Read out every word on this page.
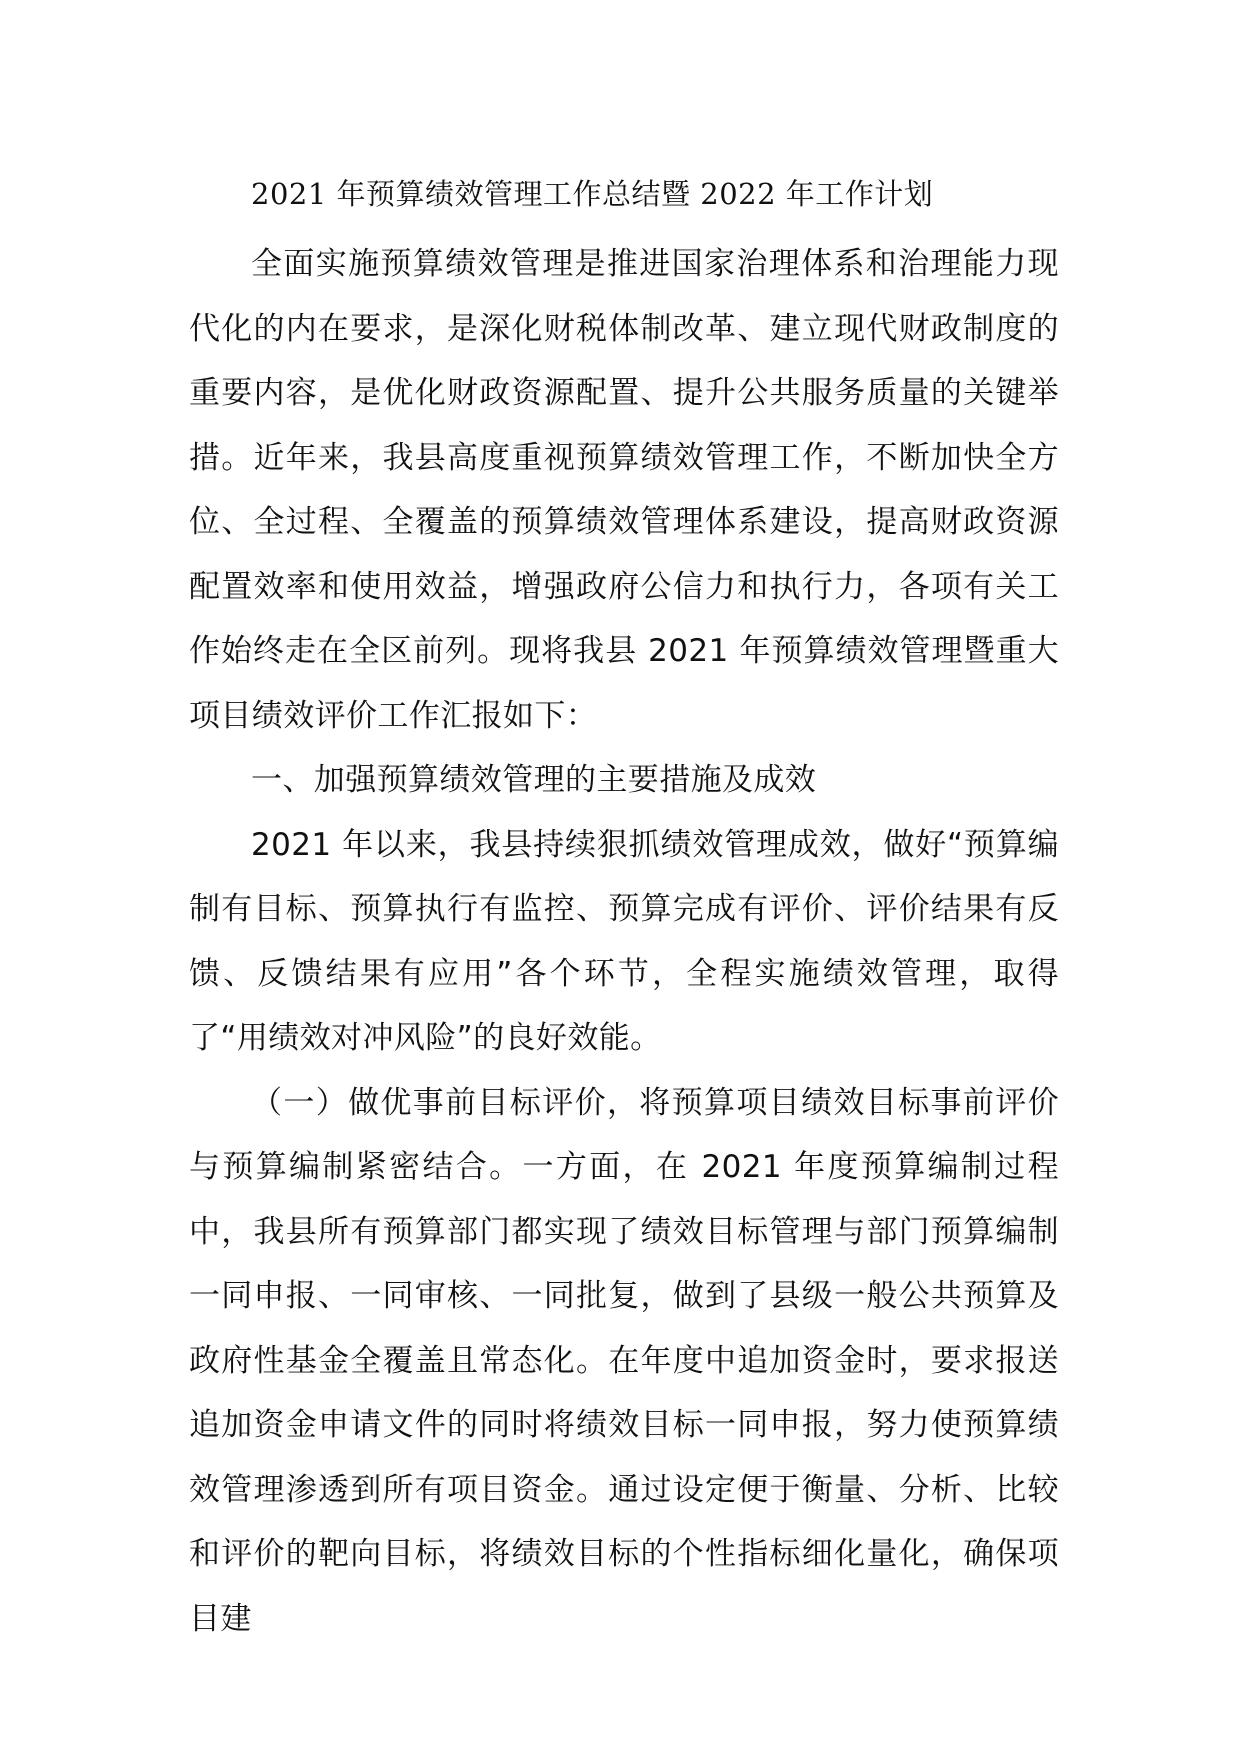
2021 年预算绩效管理工作总结暨 2022 年工作计划

全面实施预算绩效管理是推进国家治理体系和治理能力现代化的内在要求，是深化财税体制改革、建立现代财政制度的重要内容，是优化财政资源配置、提升公共服务质量的关键举措。近年来，我县高度重视预算绩效管理工作，不断加快全方位、全过程、全覆盖的预算绩效管理体系建设，提高财政资源配置效率和使用效益，增强政府公信力和执行力，各项有关工作始终走在全区前列。现将我县 2021 年预算绩效管理暨重大项目绩效评价工作汇报如下：

一、加强预算绩效管理的主要措施及成效

2021 年以来，我县持续狠抓绩效管理成效，做好“预算编制有目标、预算执行有监控、预算完成有评价、评价结果有反馈、反馈结果有应用”各个环节，全程实施绩效管理，取得了“用绩效对冲风险”的良好效能。

（一）做优事前目标评价，将预算项目绩效目标事前评价与预算编制紧密结合。一方面，在 2021 年度预算编制过程中，我县所有预算部门都实现了绩效目标管理与部门预算编制一同申报、一同审核、一同批复，做到了县级一般公共预算及政府性基金全覆盖且常态化。在年度中追加资金时，要求报送追加资金申请文件的同时将绩效目标一同申报，努力使预算绩效管理渗透到所有项目资金。通过设定便于衡量、分析、比较和评价的靶向目标，将绩效目标的个性指标细化量化，确保项目建
